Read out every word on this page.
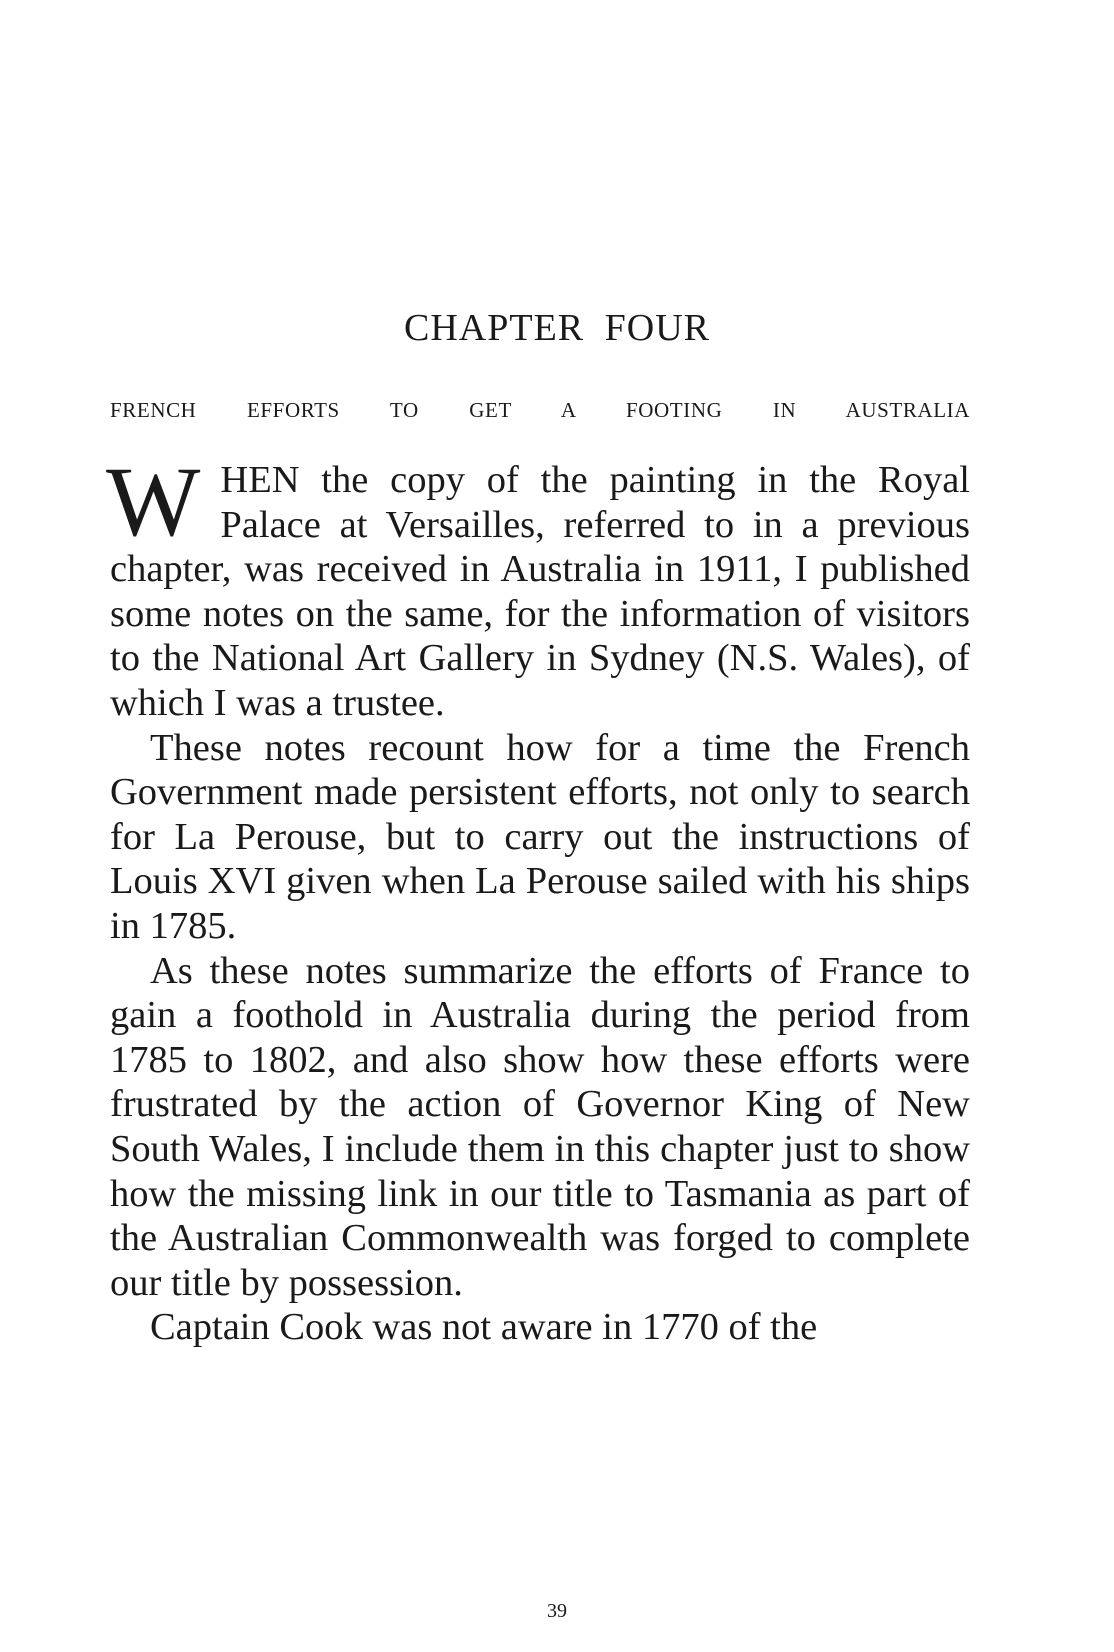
CHAPTER FOUR
FRENCH EFFORTS TO GET A FOOTING IN AUSTRALIA

WHEN the copy of the painting in the Royal Palace at Versailles, referred to in a previous chapter, was received in Australia in 1911, I published some notes on the same, for the information of visitors to the National Art Gallery in Sydney (N.S. Wales), of which I was a trustee.

These notes recount how for a time the French Government made persistent efforts, not only to search for La Perouse, but to carry out the instructions of Louis XVI given when La Perouse sailed with his ships in 1785.

As these notes summarize the efforts of France to gain a foothold in Australia during the period from 1785 to 1802, and also show how these efforts were frustrated by the action of Governor King of New South Wales, I include them in this chapter just to show how the missing link in our title to Tasmania as part of the Australian Commonwealth was forged to complete our title by possession.

Captain Cook was not aware in 1770 of the

39
